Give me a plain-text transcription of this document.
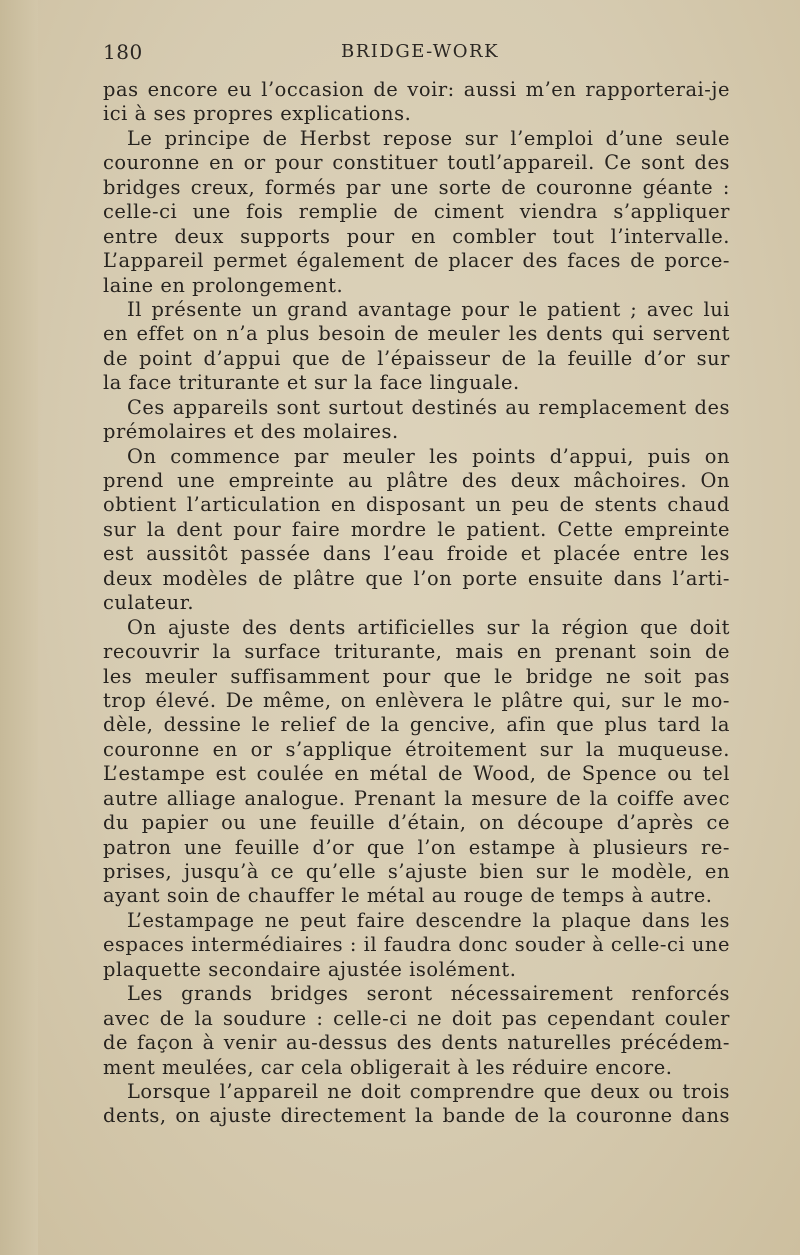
180	BRIDGE-WORK
pas encore eu l’occasion de voir: aussi m’en rapporterai-je
ici à ses propres explications.
Le principe de Herbst repose sur l’emploi d’une seule
couronne en or pour constituer toutl’appareil. Ce sont des
bridges creux, formés par une sorte de couronne géante :
celle-ci une fois remplie de ciment viendra s’appliquer
entre deux supports pour en combler tout l’intervalle.
L’appareil permet également de placer des faces de porce-
laine en prolongement.
Il présente un grand avantage pour le patient ; avec lui
en effet on n’a plus besoin de meuler les dents qui servent
de point d’appui que de l’épaisseur de la feuille d’or sur
la face triturante et sur la face linguale.
Ces appareils sont surtout destinés au remplacement des
prémolaires et des molaires.
On commence par meuler les points d’appui, puis on
prend une empreinte au plâtre des deux mâchoires. On
obtient l’articulation en disposant un peu de stents chaud
sur la dent pour faire mordre le patient. Cette empreinte
est aussitôt passée dans l’eau froide et placée entre les
deux modèles de plâtre que l’on porte ensuite dans l’arti-
culateur.
On ajuste des dents artificielles sur la région que doit
recouvrir la surface triturante, mais en prenant soin de
les meuler suffisamment pour que le bridge ne soit pas
trop élevé. De même, on enlèvera le plâtre qui, sur le mo-
dèle, dessine le relief de la gencive, afin que plus tard la
couronne en or s’applique étroitement sur la muqueuse.
L’estampe est coulée en métal de Wood, de Spence ou tel
autre alliage analogue. Prenant la mesure de la coiffe avec
du papier ou une feuille d’étain, on découpe d’après ce
patron une feuille d’or que l’on estampe à plusieurs re-
prises, jusqu’à ce qu’elle s’ajuste bien sur le modèle, en
ayant soin de chauffer le métal au rouge de temps à autre.
L’estampage ne peut faire descendre la plaque dans les
espaces intermédiaires : il faudra donc souder à celle-ci une
plaquette secondaire ajustée isolément.
Les grands bridges seront nécessairement renforcés
avec de la soudure : celle-ci ne doit pas cependant couler
de façon à venir au-dessus des dents naturelles précédem-
ment meulées, car cela obligerait à les réduire encore.
Lorsque l’appareil ne doit comprendre que deux ou trois
dents, on ajuste directement la bande de la couronne dans
